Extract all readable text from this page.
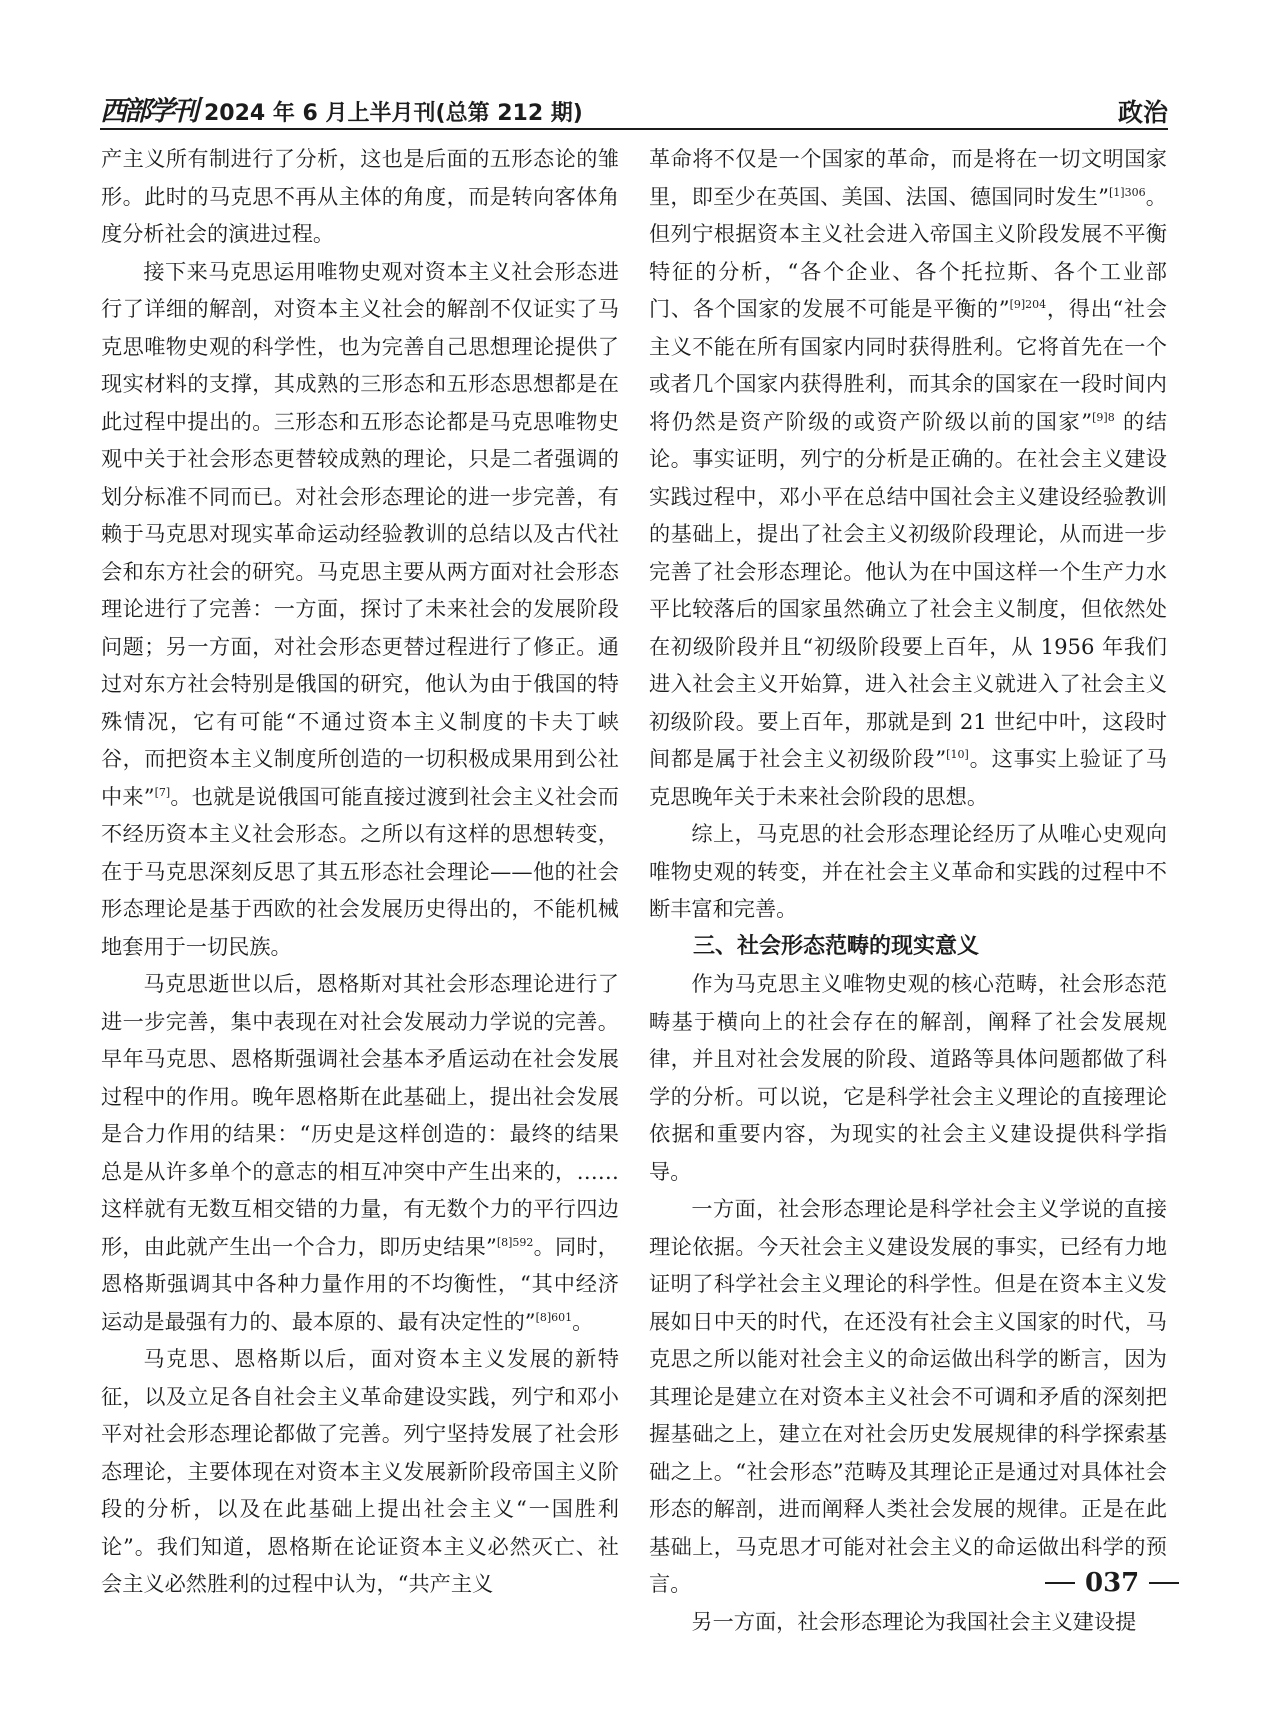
西部学刊 2024 年 6 月上半月刊(总第 212 期)	政治

产主义所有制进行了分析，这也是后面的五形态论的雏形。此时的马克思不再从主体的角度，而是转向客体角度分析社会的演进过程。

接下来马克思运用唯物史观对资本主义社会形态进行了详细的解剖，对资本主义社会的解剖不仅证实了马克思唯物史观的科学性，也为完善自己思想理论提供了现实材料的支撑，其成熟的三形态和五形态思想都是在此过程中提出的。三形态和五形态论都是马克思唯物史观中关于社会形态更替较成熟的理论，只是二者强调的划分标准不同而已。对社会形态理论的进一步完善，有赖于马克思对现实革命运动经验教训的总结以及古代社会和东方社会的研究。马克思主要从两方面对社会形态理论进行了完善：一方面，探讨了未来社会的发展阶段问题；另一方面，对社会形态更替过程进行了修正。通过对东方社会特别是俄国的研究，他认为由于俄国的特殊情况，它有可能“不通过资本主义制度的卡夫丁峡谷，而把资本主义制度所创造的一切积极成果用到公社中来”[7]。也就是说俄国可能直接过渡到社会主义社会而不经历资本主义社会形态。之所以有这样的思想转变，在于马克思深刻反思了其五形态社会理论——他的社会形态理论是基于西欧的社会发展历史得出的，不能机械地套用于一切民族。

马克思逝世以后，恩格斯对其社会形态理论进行了进一步完善，集中表现在对社会发展动力学说的完善。早年马克思、恩格斯强调社会基本矛盾运动在社会发展过程中的作用。晚年恩格斯在此基础上，提出社会发展是合力作用的结果：“历史是这样创造的：最终的结果总是从许多单个的意志的相互冲突中产生出来的，……这样就有无数互相交错的力量，有无数个力的平行四边形，由此就产生出一个合力，即历史结果”$^{[8]592}$。同时，恩格斯强调其中各种力量作用的不均衡性，“其中经济运动是最强有力的、最本原的、最有决定性的”$^{[8]601}$。

马克思、恩格斯以后，面对资本主义发展的新特征，以及立足各自社会主义革命建设实践，列宁和邓小平对社会形态理论都做了完善。列宁坚持发展了社会形态理论，主要体现在对资本主义发展新阶段帝国主义阶段的分析，以及在此基础上提出社会主义“一国胜利论”。我们知道，恩格斯在论证资本主义必然灭亡、社会主义必然胜利的过程中认为，“共产主义

革命将不仅是一个国家的革命，而是将在一切文明国家里，即至少在英国、美国、法国、德国同时发生”$^{[1]306}$。但列宁根据资本主义社会进入帝国主义阶段发展不平衡特征的分析，“各个企业、各个托拉斯、各个工业部门、各个国家的发展不可能是平衡的”$^{[9]204}$，得出“社会主义不能在所有国家内同时获得胜利。它将首先在一个或者几个国家内获得胜利，而其余的国家在一段时间内将仍然是资产阶级的或资产阶级以前的国家”$^{[9]8}$ 的结论。事实证明，列宁的分析是正确的。在社会主义建设实践过程中，邓小平在总结中国社会主义建设经验教训的基础上，提出了社会主义初级阶段理论，从而进一步完善了社会形态理论。他认为在中国这样一个生产力水平比较落后的国家虽然确立了社会主义制度，但依然处在初级阶段并且“初级阶段要上百年，从 1956 年我们进入社会主义开始算，进入社会主义就进入了社会主义初级阶段。要上百年，那就是到 21 世纪中叶，这段时间都是属于社会主义初级阶段”[10]。这事实上验证了马克思晚年关于未来社会阶段的思想。

综上，马克思的社会形态理论经历了从唯心史观向唯物史观的转变，并在社会主义革命和实践的过程中不断丰富和完善。

三、社会形态范畴的现实意义

作为马克思主义唯物史观的核心范畴，社会形态范畴基于横向上的社会存在的解剖，阐释了社会发展规律，并且对社会发展的阶段、道路等具体问题都做了科学的分析。可以说，它是科学社会主义理论的直接理论依据和重要内容，为现实的社会主义建设提供科学指导。

一方面，社会形态理论是科学社会主义学说的直接理论依据。今天社会主义建设发展的事实，已经有力地证明了科学社会主义理论的科学性。但是在资本主义发展如日中天的时代，在还没有社会主义国家的时代，马克思之所以能对社会主义的命运做出科学的断言，因为其理论是建立在对资本主义社会不可调和矛盾的深刻把握基础之上，建立在对社会历史发展规律的科学探索基础之上。“社会形态”范畴及其理论正是通过对具体社会形态的解剖，进而阐释人类社会发展的规律。正是在此基础上，马克思才可能对社会主义的命运做出科学的预言。

另一方面，社会形态理论为我国社会主义建设提

037
